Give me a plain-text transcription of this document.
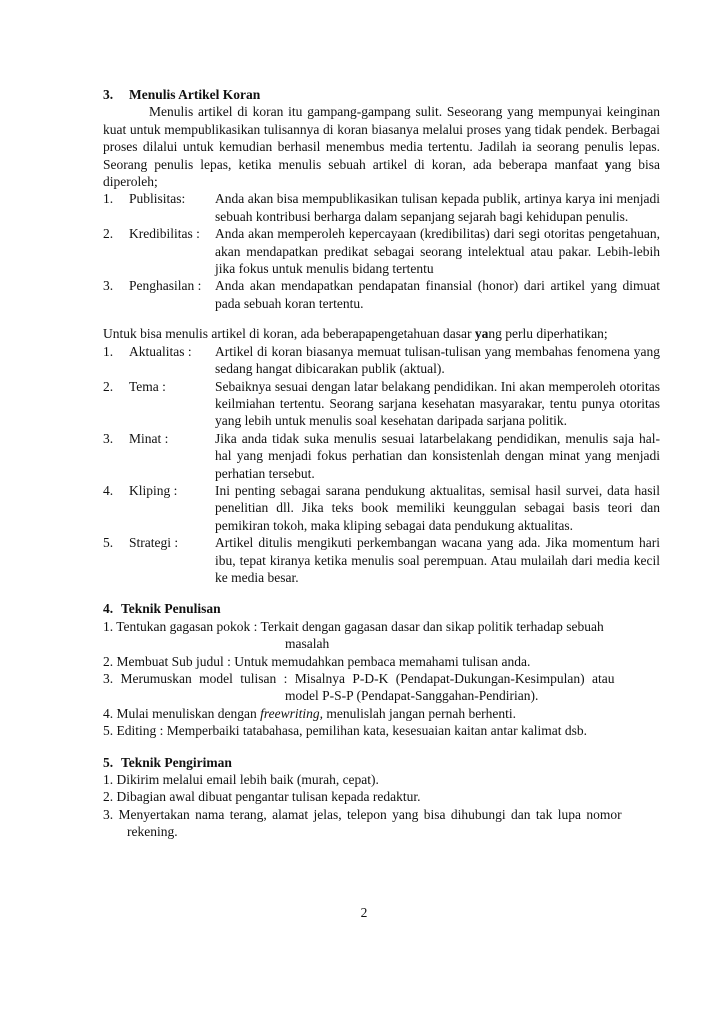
3.	Menulis Artikel Koran
Menulis artikel di koran itu gampang-gampang sulit. Seseorang yang mempunyai keinginan kuat untuk mempublikasikan tulisannya di koran biasanya melalui proses yang tidak pendek. Berbagai proses dilalui untuk kemudian berhasil menembus media tertentu. Jadilah ia seorang penulis lepas. Seorang penulis lepas, ketika menulis sebuah artikel di koran, ada beberapa manfaat yang bisa diperoleh;
1.	Publisitas:	Anda akan bisa mempublikasikan tulisan kepada publik, artinya karya ini menjadi sebuah kontribusi berharga dalam sepanjang sejarah bagi kehidupan penulis.
2.	Kredibilitas :	Anda akan memperoleh kepercayaan (kredibilitas) dari segi otoritas pengetahuan, akan mendapatkan predikat sebagai seorang intelektual atau pakar. Lebih-lebih jika fokus untuk menulis bidang tertentu
3.	Penghasilan :	Anda akan mendapatkan pendapatan finansial (honor) dari artikel yang dimuat pada sebuah koran tertentu.
Untuk bisa menulis artikel di koran, ada beberapapengetahuan dasar yang perlu diperhatikan;
1.	Aktualitas :	Artikel di koran biasanya memuat tulisan-tulisan yang membahas fenomena yang sedang hangat dibicarakan publik (aktual).
2.	Tema :	Sebaiknya sesuai dengan latar belakang pendidikan. Ini akan memperoleh otoritas keilmiahan tertentu. Seorang sarjana kesehatan masyarakar, tentu punya otoritas yang lebih untuk menulis soal kesehatan daripada sarjana politik.
3.	Minat :	Jika anda tidak suka menulis sesuai latarbelakang pendidikan, menulis saja hal-hal yang menjadi fokus perhatian dan konsistenlah dengan minat yang menjadi perhatian tersebut.
4.	Kliping :	Ini penting sebagai sarana pendukung aktualitas, semisal hasil survei, data hasil penelitian dll. Jika teks book memiliki keunggulan sebagai basis teori dan pemikiran tokoh, maka kliping sebagai data pendukung aktualitas.
5.	Strategi :	Artikel ditulis mengikuti perkembangan wacana yang ada. Jika momentum hari ibu, tepat kiranya ketika menulis soal perempuan. Atau mulailah dari media kecil ke media besar.
4. Teknik Penulisan
1. Tentukan gagasan pokok : Terkait dengan gagasan dasar dan sikap politik terhadap sebuah
masalah
2. Membuat Sub judul : Untuk memudahkan pembaca memahami tulisan anda.
3. Merumuskan model tulisan : Misalnya P-D-K (Pendapat-Dukungan-Kesimpulan) atau
model P-S-P (Pendapat-Sanggahan-Pendirian).
4. Mulai menuliskan dengan freewriting, menulislah jangan pernah berhenti.
5. Editing : Memperbaiki tatabahasa, pemilihan kata, kesesuaian kaitan antar kalimat dsb.
5. Teknik Pengiriman
1. Dikirim melalui email lebih baik (murah, cepat).
2. Dibagian awal dibuat pengantar tulisan kepada redaktur.
3. Menyertakan nama terang, alamat jelas, telepon yang bisa dihubungi dan tak lupa nomor
rekening.
2
